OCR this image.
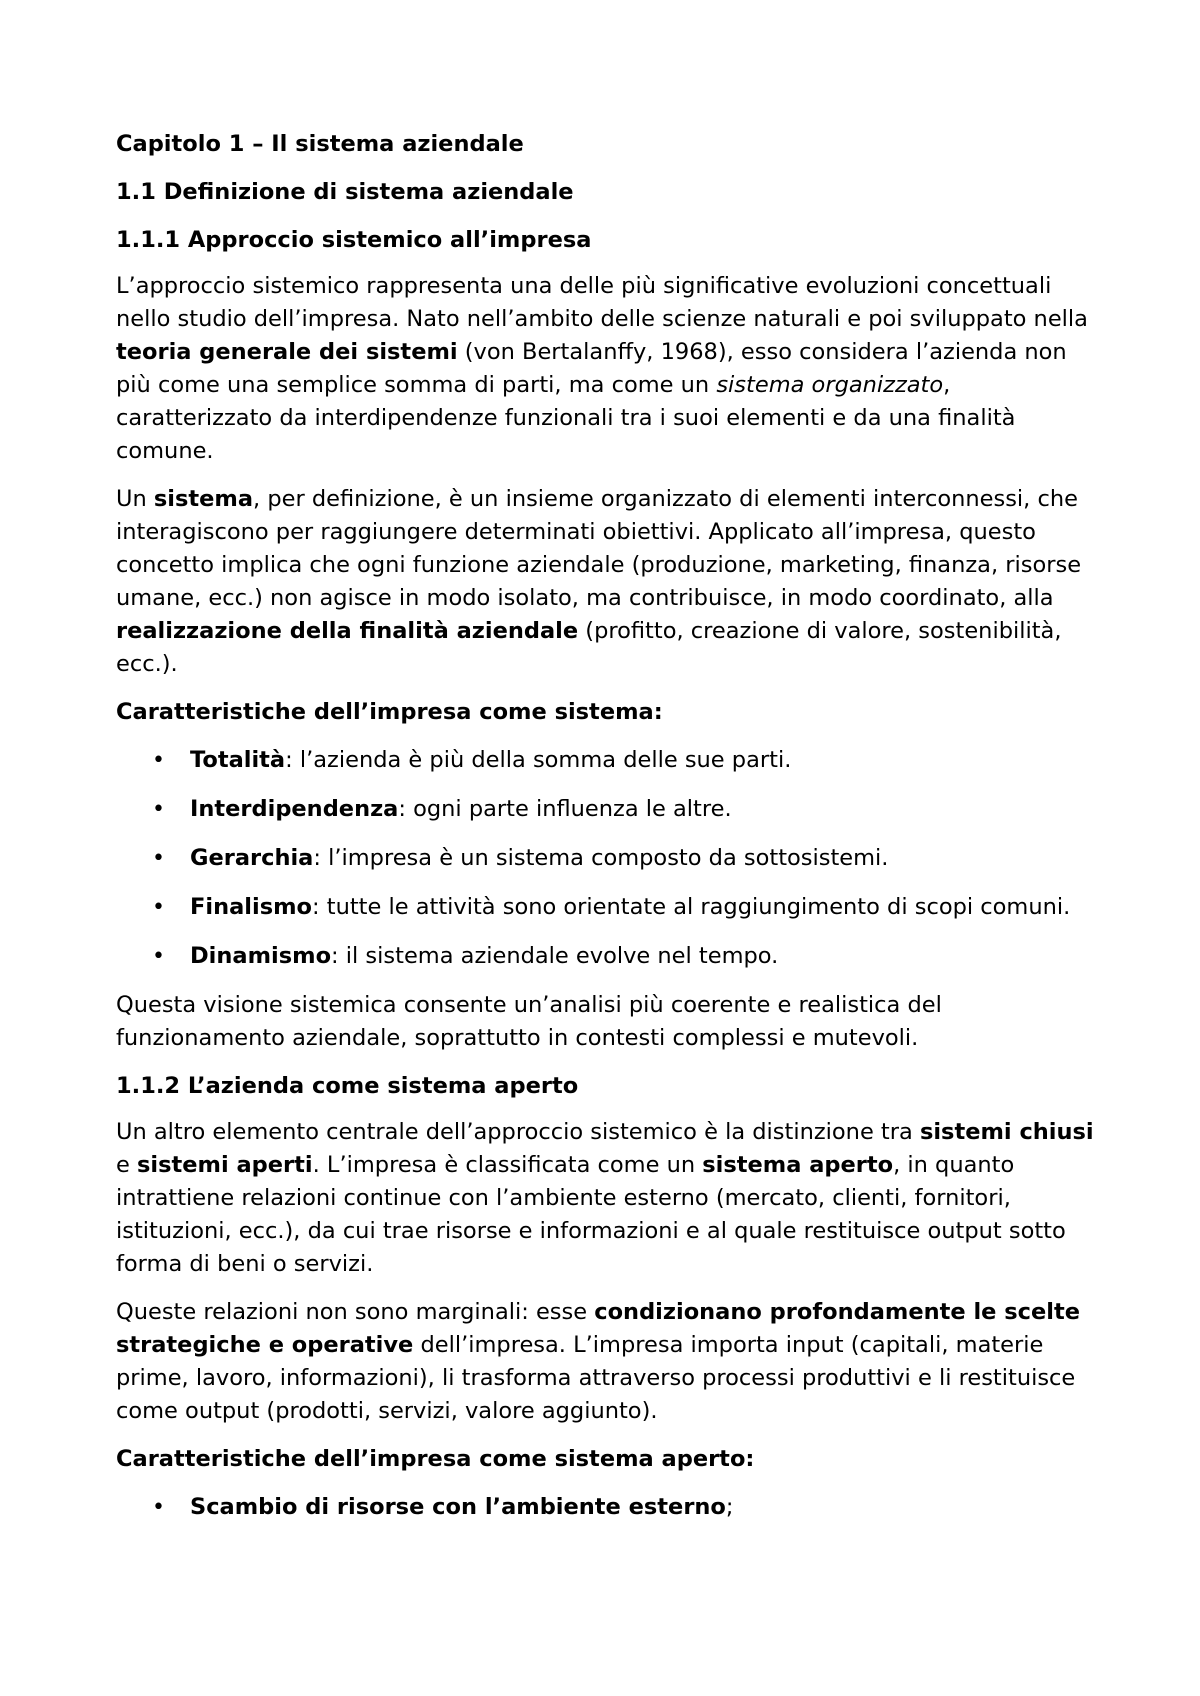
Capitolo 1 – Il sistema aziendale

1.1 Definizione di sistema aziendale

1.1.1 Approccio sistemico all’impresa

L’approccio sistemico rappresenta una delle più significative evoluzioni concettuali nello studio dell’impresa. Nato nell’ambito delle scienze naturali e poi sviluppato nella teoria generale dei sistemi (von Bertalanffy, 1968), esso considera l’azienda non più come una semplice somma di parti, ma come un sistema organizzato, caratterizzato da interdipendenze funzionali tra i suoi elementi e da una finalità comune.

Un sistema, per definizione, è un insieme organizzato di elementi interconnessi, che interagiscono per raggiungere determinati obiettivi. Applicato all’impresa, questo concetto implica che ogni funzione aziendale (produzione, marketing, finanza, risorse umane, ecc.) non agisce in modo isolato, ma contribuisce, in modo coordinato, alla realizzazione della finalità aziendale (profitto, creazione di valore, sostenibilità, ecc.).

Caratteristiche dell’impresa come sistema:

• Totalità: l’azienda è più della somma delle sue parti.
• Interdipendenza: ogni parte influenza le altre.
• Gerarchia: l’impresa è un sistema composto da sottosistemi.
• Finalismo: tutte le attività sono orientate al raggiungimento di scopi comuni.
• Dinamismo: il sistema aziendale evolve nel tempo.

Questa visione sistemica consente un’analisi più coerente e realistica del funzionamento aziendale, soprattutto in contesti complessi e mutevoli.

1.1.2 L’azienda come sistema aperto

Un altro elemento centrale dell’approccio sistemico è la distinzione tra sistemi chiusi e sistemi aperti. L’impresa è classificata come un sistema aperto, in quanto intrattiene relazioni continue con l’ambiente esterno (mercato, clienti, fornitori, istituzioni, ecc.), da cui trae risorse e informazioni e al quale restituisce output sotto forma di beni o servizi.

Queste relazioni non sono marginali: esse condizionano profondamente le scelte strategiche e operative dell’impresa. L’impresa importa input (capitali, materie prime, lavoro, informazioni), li trasforma attraverso processi produttivi e li restituisce come output (prodotti, servizi, valore aggiunto).

Caratteristiche dell’impresa come sistema aperto:

• Scambio di risorse con l’ambiente esterno;
